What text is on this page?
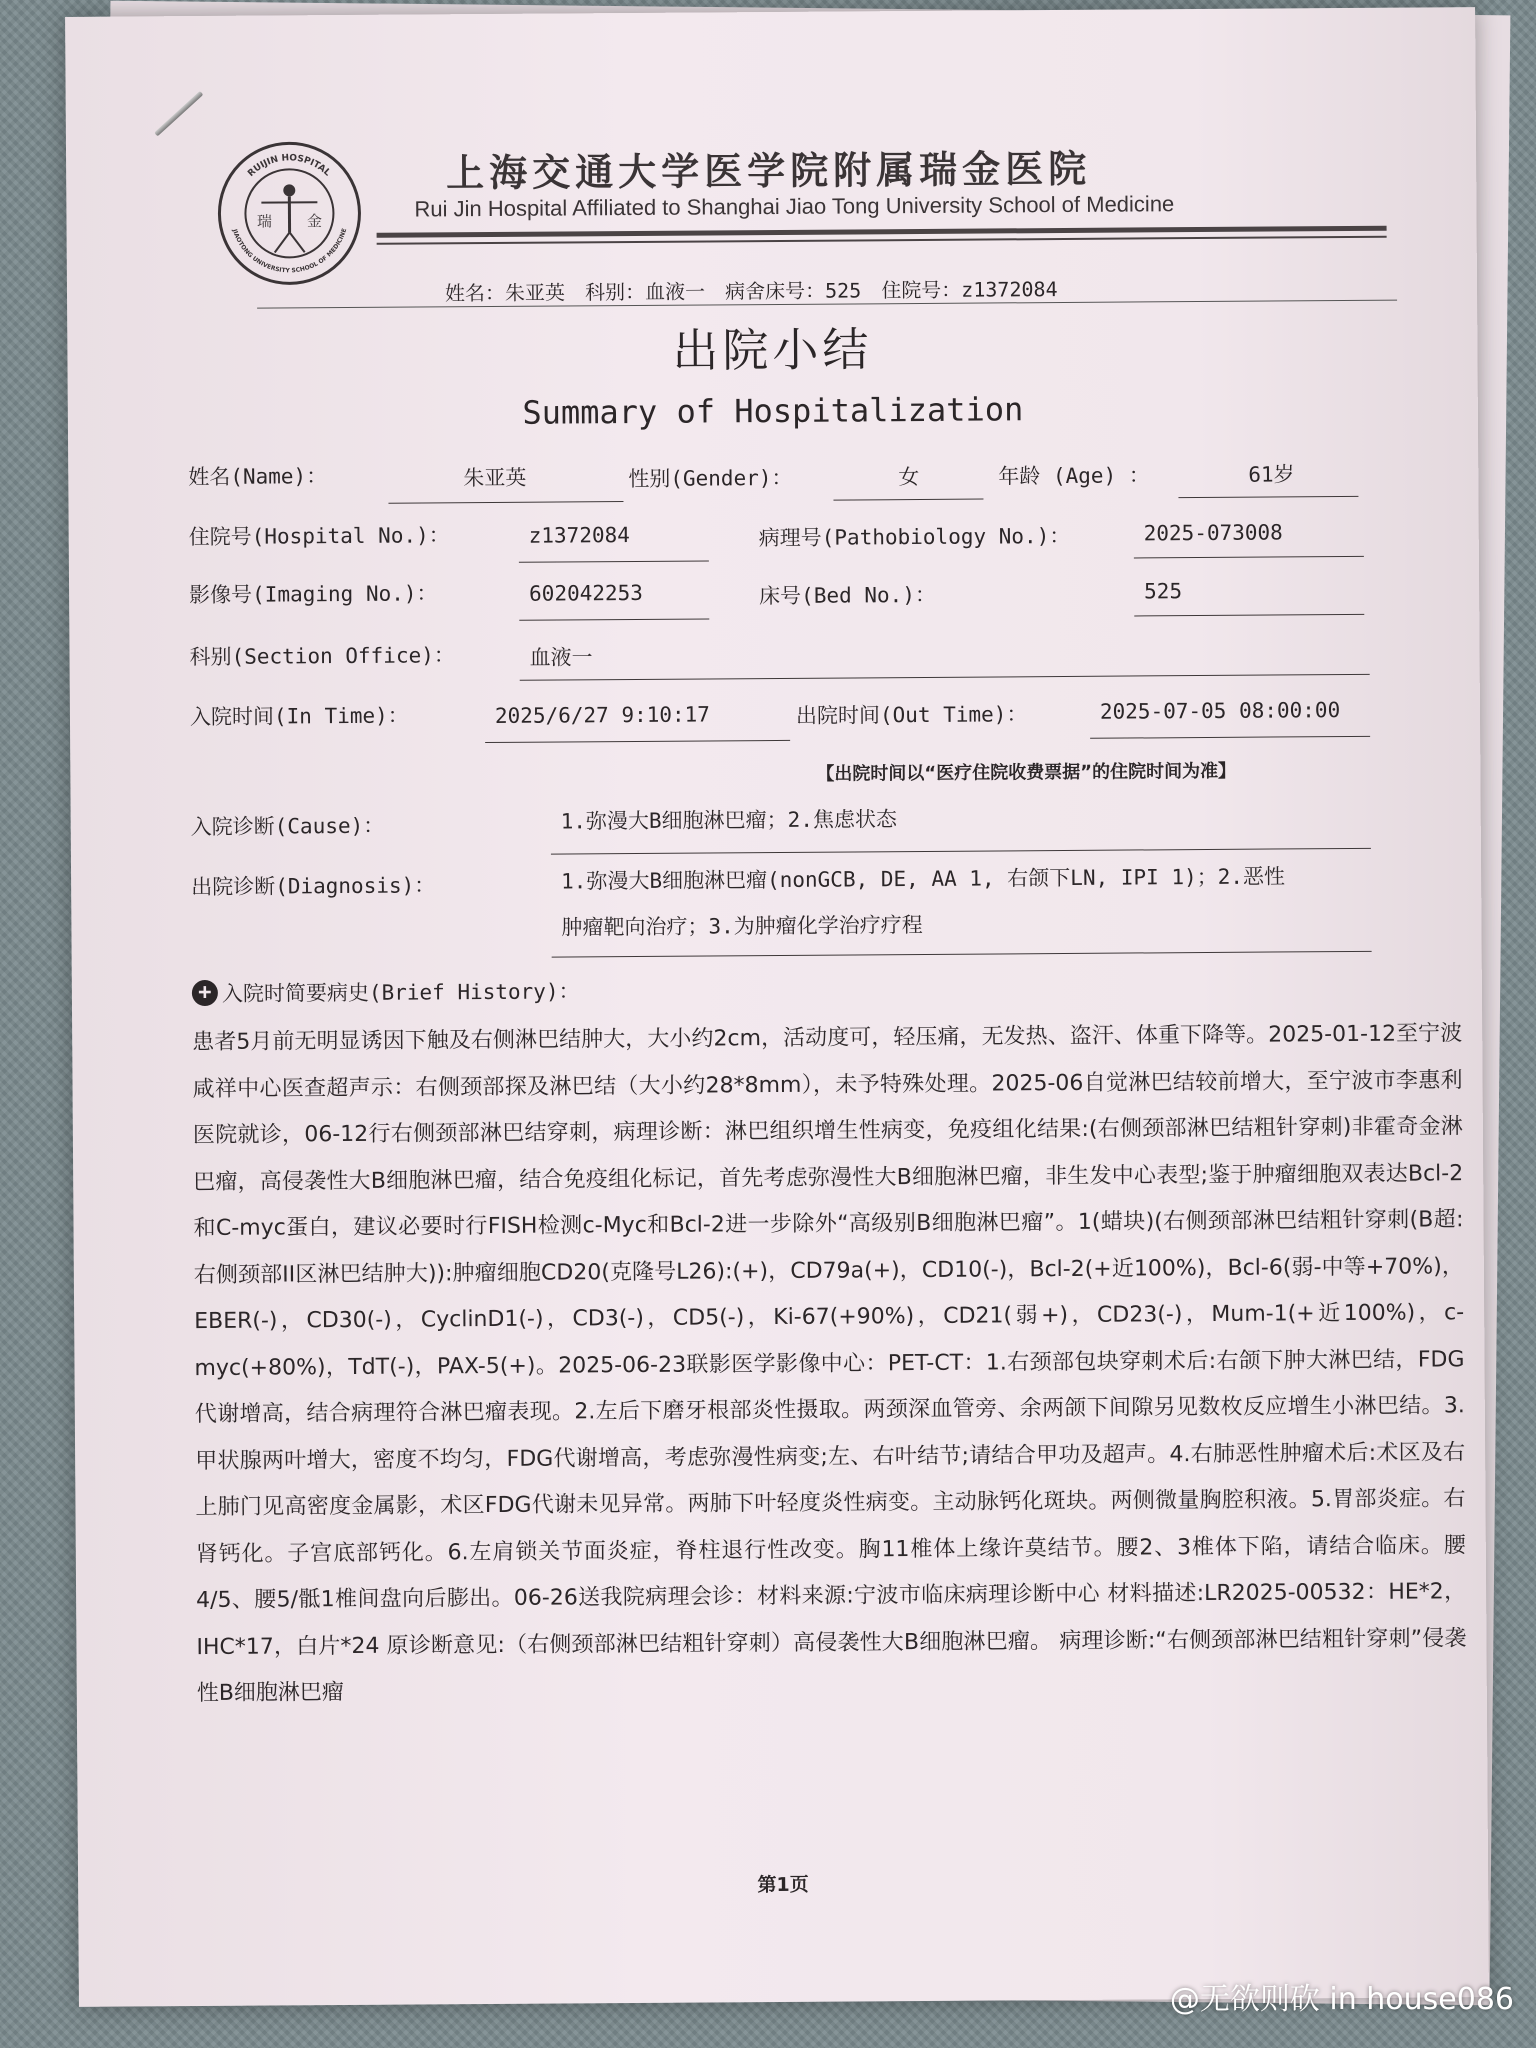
RUIJIN HOSPITAL
JIAOTONG UNIVERSITY SCHOOL OF MEDICINE
瑞 金
上海交通大学医学院附属瑞金医院
Rui Jin Hospital Affiliated to Shanghai Jiao Tong University School of Medicine
姓名：朱亚英 科别：血液一 病舍床号：525 住院号：z1372084
出院小结
Summary of Hospitalization
姓名(Name)：	朱亚英	性别(Gender)：	女	年龄 (Age) ：	61岁
住院号(Hospital No.)：	z1372084	病理号(Pathobiology No.)：	2025-073008
影像号(Imaging No.)：	602042253	床号(Bed No.)：	525
科别(Section Office)：	血液一
入院时间(In Time)：	2025/6/27 9:10:17	出院时间(Out Time)：	2025-07-05 08:00:00
【出院时间以“医疗住院收费票据”的住院时间为准】
入院诊断(Cause)：	1.弥漫大B细胞淋巴瘤；2.焦虑状态
出院诊断(Diagnosis)：	1.弥漫大B细胞淋巴瘤(nonGCB, DE, AA 1, 右颌下LN, IPI 1)；2.恶性
肿瘤靶向治疗；3.为肿瘤化学治疗疗程
+ 入院时简要病史(Brief History)：
患者5月前无明显诱因下触及右侧淋巴结肿大，大小约2cm，活动度可，轻压痛，无发热、盗汗、体重下降等。2025-01-12至宁波咸祥中心医查超声示：右侧颈部探及淋巴结（大小约28*8mm），未予特殊处理。2025-06自觉淋巴结较前增大，至宁波市李惠利医院就诊，06-12行右侧颈部淋巴结穿刺，病理诊断：淋巴组织增生性病变，免疫组化结果:(右侧颈部淋巴结粗针穿刺)非霍奇金淋巴瘤，高侵袭性大B细胞淋巴瘤，结合免疫组化标记，首先考虑弥漫性大B细胞淋巴瘤，非生发中心表型;鉴于肿瘤细胞双表达Bcl-2和C-myc蛋白，建议必要时行FISH检测c-Myc和Bcl-2进一步除外“高级别B细胞淋巴瘤”。1(蜡块)(右侧颈部淋巴结粗针穿刺(B超:右侧颈部II区淋巴结肿大)):肿瘤细胞CD20(克隆号L26):(+)，CD79a(+)，CD10(-)，Bcl-2(+近100%)，Bcl-6(弱-中等+70%)，EBER(-)，CD30(-)，CyclinD1(-)，CD3(-)，CD5(-)，Ki-67(+90%)，CD21(弱+)，CD23(-)，Mum-1(+近100%)，c-myc(+80%)，TdT(-)，PAX-5(+)。2025-06-23联影医学影像中心：PET-CT：1.右颈部包块穿刺术后:右颌下肿大淋巴结，FDG代谢增高，结合病理符合淋巴瘤表现。2.左后下磨牙根部炎性摄取。两颈深血管旁、余两颌下间隙另见数枚反应增生小淋巴结。3.甲状腺两叶增大，密度不均匀，FDG代谢增高，考虑弥漫性病变;左、右叶结节;请结合甲功及超声。4.右肺恶性肿瘤术后:术区及右上肺门见高密度金属影，术区FDG代谢未见异常。两肺下叶轻度炎性病变。主动脉钙化斑块。两侧微量胸腔积液。5.胃部炎症。右肾钙化。子宫底部钙化。6.左肩锁关节面炎症，脊柱退行性改变。胸11椎体上缘许莫结节。腰2、3椎体下陷，请结合临床。腰4/5、腰5/骶1椎间盘向后膨出。06-26送我院病理会诊：材料来源:宁波市临床病理诊断中心 材料描述:LR2025-00532：HE*2，IHC*17，白片*24 原诊断意见:（右侧颈部淋巴结粗针穿刺）高侵袭性大B细胞淋巴瘤。 病理诊断:“右侧颈部淋巴结粗针穿刺”侵袭性B细胞淋巴瘤
第1页
@无欲则砍 in house086
